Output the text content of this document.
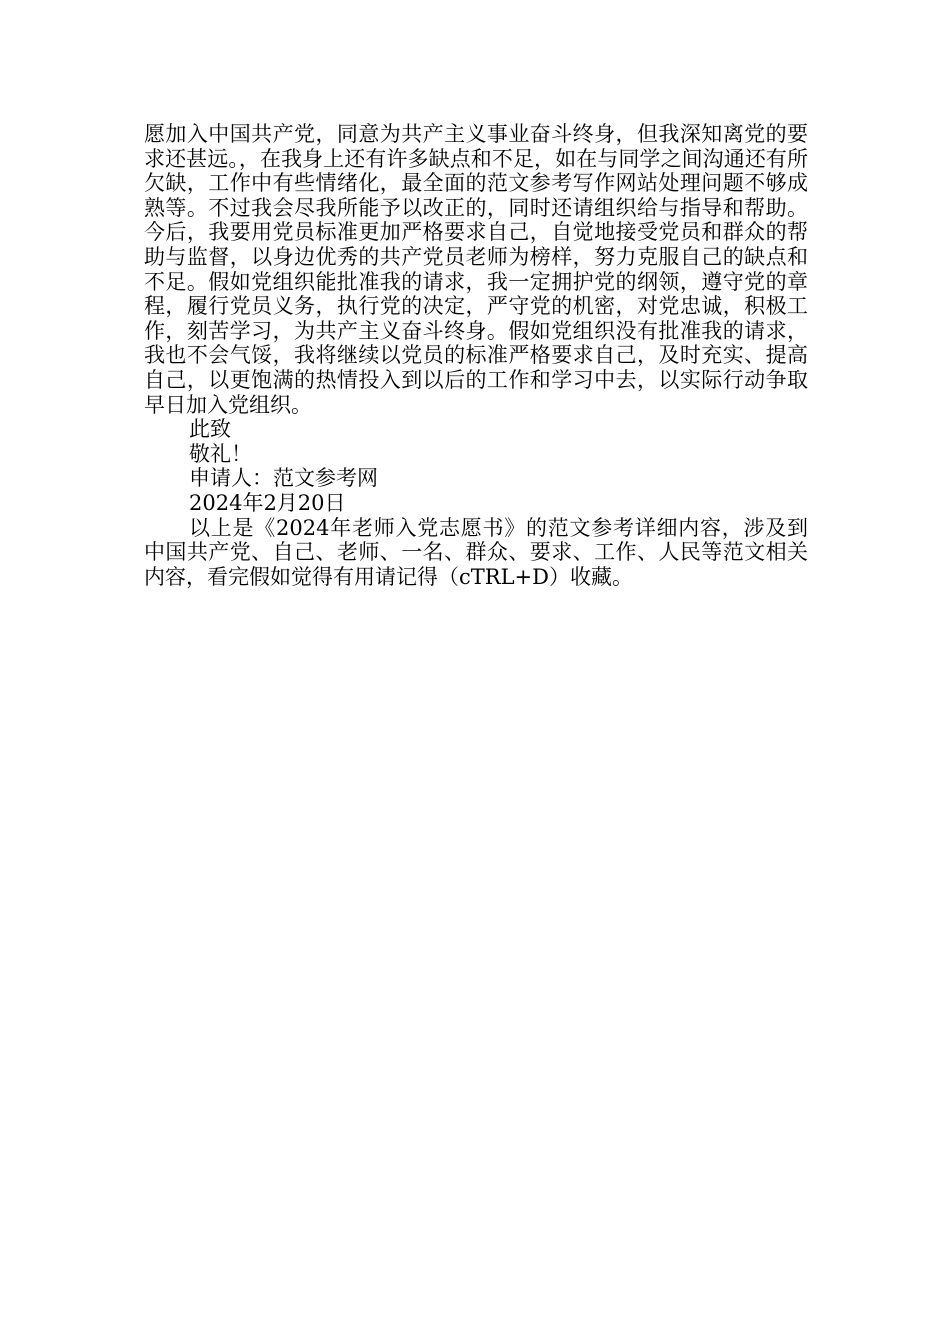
愿加入中国共产党，同意为共产主义事业奋斗终身，但我深知离党的要求还甚远。，在我身上还有许多缺点和不足，如在与同学之间沟通还有所欠缺，工作中有些情绪化，最全面的范文参考写作网站处理问题不够成熟等。不过我会尽我所能予以改正的，同时还请组织给与指导和帮助。今后，我要用党员标准更加严格要求自己，自觉地接受党员和群众的帮助与监督，以身边优秀的共产党员老师为榜样，努力克服自己的缺点和不足。假如党组织能批准我的请求，我一定拥护党的纲领，遵守党的章程，履行党员义务，执行党的决定，严守党的机密，对党忠诚，积极工作，刻苦学习，为共产主义奋斗终身。假如党组织没有批准我的请求，我也不会气馁，我将继续以党员的标准严格要求自己，及时充实、提高自己，以更饱满的热情投入到以后的工作和学习中去，以实际行动争取早日加入党组织。

此致

敬礼！

申请人：范文参考网

2024年2月20日

以上是《2024年老师入党志愿书》的范文参考详细内容，涉及到中国共产党、自己、老师、一名、群众、要求、工作、人民等范文相关内容，看完假如觉得有用请记得（cTRL+D）收藏。
